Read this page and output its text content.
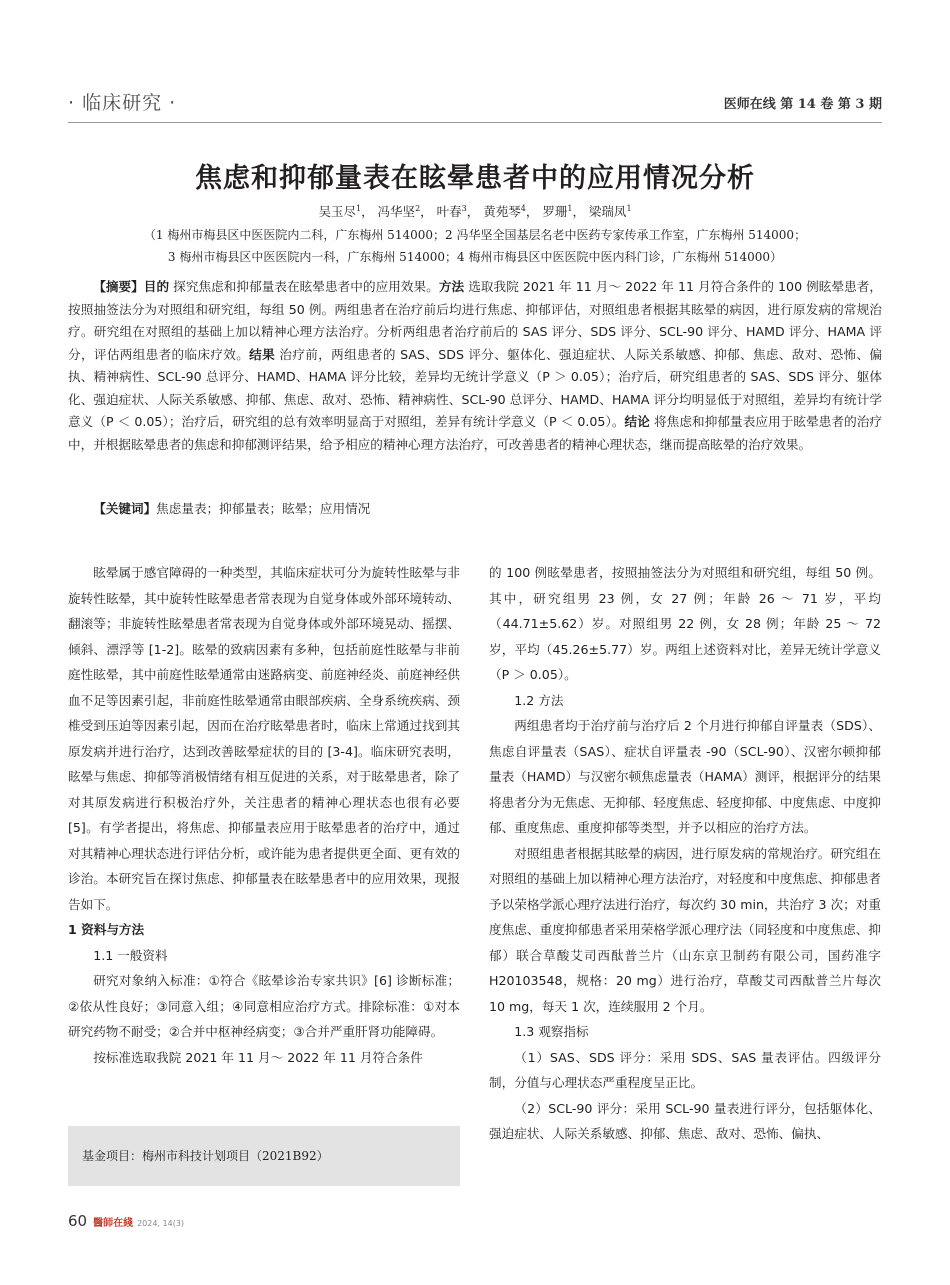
· 临床研究 ·	医师在线 第 14 卷 第 3 期
焦虑和抑郁量表在眩晕患者中的应用情况分析
吴玉尽$^1$， 冯华坚$^2$， 叶春$^3$， 黄苑琴$^4$， 罗珊$^1$， 梁瑞凤$^1$
（1 梅州市梅县区中医医院内二科，广东梅州 514000；2 冯华坚全国基层名老中医药专家传承工作室，广东梅州 514000；
3 梅州市梅县区中医医院内一科，广东梅州 514000；4 梅州市梅县区中医医院中医内科门诊，广东梅州 514000）
【摘要】目的 探究焦虑和抑郁量表在眩晕患者中的应用效果。方法 选取我院 2021 年 11 月～ 2022 年 11 月符合条件的 100 例眩晕患者，按照抽签法分为对照组和研究组，每组 50 例。两组患者在治疗前后均进行焦虑、抑郁评估，对照组患者根据其眩晕的病因，进行原发病的常规治疗。研究组在对照组的基础上加以精神心理方法治疗。分析两组患者治疗前后的 SAS 评分、SDS 评分、SCL-90 评分、HAMD 评分、HAMA 评分，评估两组患者的临床疗效。结果 治疗前，两组患者的 SAS、SDS 评分、躯体化、强迫症状、人际关系敏感、抑郁、焦虑、敌对、恐怖、偏执、精神病性、SCL-90 总评分、HAMD、HAMA 评分比较，差异均无统计学意义（P ＞ 0.05）；治疗后，研究组患者的 SAS、SDS 评分、躯体化、强迫症状、人际关系敏感、抑郁、焦虑、敌对、恐怖、精神病性、SCL-90 总评分、HAMD、HAMA 评分均明显低于对照组，差异均有统计学意义（P ＜ 0.05）；治疗后，研究组的总有效率明显高于对照组，差异有统计学意义（P ＜ 0.05）。结论 将焦虑和抑郁量表应用于眩晕患者的治疗中，并根据眩晕患者的焦虑和抑郁测评结果，给予相应的精神心理方法治疗，可改善患者的精神心理状态，继而提高眩晕的治疗效果。
【关键词】焦虑量表；抑郁量表；眩晕；应用情况

眩晕属于感官障碍的一种类型，其临床症状可分为旋转性眩晕与非旋转性眩晕，其中旋转性眩晕患者常表现为自觉身体或外部环境转动、翻滚等；非旋转性眩晕患者常表现为自觉身体或外部环境晃动、摇摆、倾斜、漂浮等 [1-2]。眩晕的致病因素有多种，包括前庭性眩晕与非前庭性眩晕，其中前庭性眩晕通常由迷路病变、前庭神经炎、前庭神经供血不足等因素引起，非前庭性眩晕通常由眼部疾病、全身系统疾病、颈椎受到压迫等因素引起，因而在治疗眩晕患者时，临床上常通过找到其原发病并进行治疗，达到改善眩晕症状的目的 [3-4]。临床研究表明，眩晕与焦虑、抑郁等消极情绪有相互促进的关系，对于眩晕患者，除了对其原发病进行积极治疗外，关注患者的精神心理状态也很有必要 [5]。有学者提出，将焦虑、抑郁量表应用于眩晕患者的治疗中，通过对其精神心理状态进行评估分析，或许能为患者提供更全面、更有效的诊治。本研究旨在探讨焦虑、抑郁量表在眩晕患者中的应用效果，现报告如下。

1 资料与方法

1.1 一般资料

研究对象纳入标准：①符合《眩晕诊治专家共识》[6] 诊断标准；②依从性良好；③同意入组；④同意相应治疗方式。排除标准：①对本研究药物不耐受；②合并中枢神经病变；③合并严重肝肾功能障碍。

按标准选取我院 2021 年 11 月～ 2022 年 11 月符合条件

的 100 例眩晕患者，按照抽签法分为对照组和研究组，每组 50 例。其中，研究组男 23 例，女 27 例；年龄 26 ～ 71 岁，平均（44.71±5.62）岁。对照组男 22 例，女 28 例；年龄 25 ～ 72 岁，平均（45.26±5.77）岁。两组上述资料对比，差异无统计学意义（P ＞ 0.05）。

1.2 方法

两组患者均于治疗前与治疗后 2 个月进行抑郁自评量表（SDS）、焦虑自评量表（SAS）、症状自评量表 -90（SCL-90）、汉密尔顿抑郁量表（HAMD）与汉密尔顿焦虑量表（HAMA）测评，根据评分的结果将患者分为无焦虑、无抑郁、轻度焦虑、轻度抑郁、中度焦虑、中度抑郁、重度焦虑、重度抑郁等类型，并予以相应的治疗方法。

对照组患者根据其眩晕的病因，进行原发病的常规治疗。研究组在对照组的基础上加以精神心理方法治疗，对轻度和中度焦虑、抑郁患者予以荣格学派心理疗法进行治疗，每次约 30 min，共治疗 3 次；对重度焦虑、重度抑郁患者采用荣格学派心理疗法（同轻度和中度焦虑、抑郁）联合草酸艾司西酞普兰片（山东京卫制药有限公司，国药准字 H20103548，规格：20 mg）进行治疗，草酸艾司西酞普兰片每次 10 mg，每天 1 次，连续服用 2 个月。

1.3 观察指标

（1）SAS、SDS 评分：采用 SDS、SAS 量表评估。四级评分制，分值与心理状态严重程度呈正比。

（2）SCL-90 评分：采用 SCL-90 量表进行评分，包括躯体化、强迫症状、人际关系敏感、抑郁、焦虑、敌对、恐怖、偏执、

基金项目：梅州市科技计划项目（2021B92）
60 醫師在綫 2024, 14(3)
